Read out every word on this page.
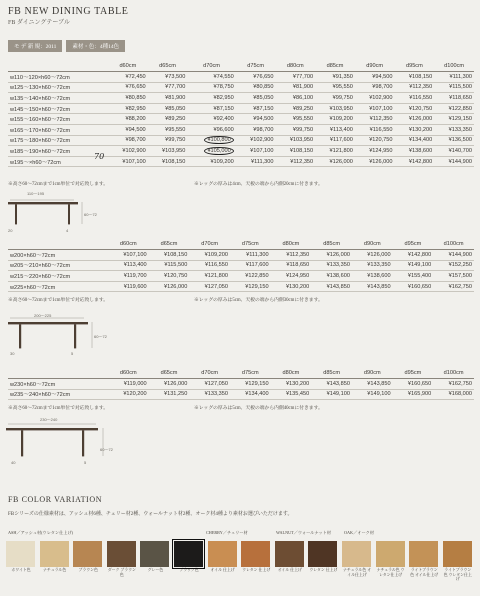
FB NEW DINING TABLE
FB ダイニングテーブル
モ デ 新 規：2011	素材・色：4種14色
	d60cm	d65cm	d70cm	d75cm	d80cm	d85cm	d90cm	d95cm	d100cm
w110～120×h60～72cm	¥72,450	¥73,500	¥74,550	¥76,650	¥77,700	¥91,350	¥94,500	¥108,150	¥111,300
w125～130×h60～72cm	¥76,650	¥77,700	¥78,750	¥80,850	¥81,900	¥95,550	¥98,700	¥112,350	¥115,500
w135～140×h60～72cm	¥80,850	¥81,900	¥82,950	¥85,050	¥86,100	¥99,750	¥102,900	¥116,550	¥118,650
w145～150×h60～72cm	¥82,950	¥85,050	¥87,150	¥87,150	¥89,250	¥103,950	¥107,100	¥120,750	¥122,850
w155～160×h60～72cm	¥88,200	¥89,250	¥92,400	¥94,500	¥95,550	¥109,200	¥112,350	¥126,000	¥129,150
w165～170×h60～72cm	¥94,500	¥95,550	¥96,600	¥98,700	¥99,750	¥113,400	¥116,550	¥130,200	¥133,350
w175～180×h60～72cm	¥98,700	¥99,750	¥100,800	¥102,900	¥103,950	¥117,600	¥120,750	¥134,400	¥136,500
w185～190×h60～72cm	¥102,900	¥103,950	¥105,000	¥107,100	¥108,150	¥121,800	¥124,950	¥138,600	¥140,700
w195～×h60～72cm	¥107,100	¥108,150	¥109,200	¥111,300	¥112,350	¥126,000	¥126,000	¥142,800	¥144,900
※高さ60～72cmまで1cm単位で対応致します。	※レッグの厚みは4cm、天板の端から内側20cmに付きます。
70
110～195
60～72
20	4
	d60cm	d65cm	d70cm	d75cm	d80cm	d85cm	d90cm	d95cm	d100cm
w200×h60～72cm	¥107,100	¥108,150	¥109,200	¥111,300	¥112,350	¥126,000	¥126,000	¥142,800	¥144,900
w205～210×h60～72cm	¥113,400	¥115,500	¥116,550	¥117,600	¥118,650	¥133,350	¥133,350	¥149,100	¥152,250
w215～220×h60～72cm	¥119,700	¥120,750	¥121,800	¥122,850	¥124,950	¥138,600	¥138,600	¥155,400	¥157,500
w225×h60～72cm	¥119,600	¥126,000	¥127,050	¥129,150	¥130,200	¥143,850	¥143,850	¥160,650	¥162,750
※高さ60～72cmまで1cm単位で対応致します。	※レッグの厚みは5cm、天板の端から内側30cmに付きます。
200～225
60～72
30	5
	d60cm	d65cm	d70cm	d75cm	d80cm	d85cm	d90cm	d95cm	d100cm
w230×h60～72cm	¥119,000	¥126,000	¥127,050	¥129,150	¥130,200	¥143,850	¥143,850	¥160,650	¥162,750
w235～240×h60～72cm	¥120,200	¥131,250	¥133,350	¥134,400	¥135,450	¥149,100	¥149,100	¥165,900	¥168,000
※高さ60～72cmまで1cm単位で対応致します。	※レッグの厚みは5cm、天板の端から内側40cmに付きます。
230～240
60～72
40	5
FB COLOR VARIATION
FBシリーズの仕様素材は、アッシュ材6種、チェリー材2種、ウォールナット材2種、オーク材4種より素材お選びいただけます。
ASH／アッシュ材(ウレタン仕上げ)	CHERRY／チェリー材	WALNUT／ウォールナット材	OAK／オーク材
ホワイト色	ナチュラル色	ブラウン色	ダーク ブラウン色
グレー色	ブラック色	オイル 仕上げ	ウレタン 仕上げ	オイル 仕上げ	ウレタン 仕上げ ナチュラル色 オイル仕上げ
ナチュラル色 ウレタン仕上げ
ライトブラウン色 オイル仕上げ
ライトブラウン色 ウレタン仕上げ
